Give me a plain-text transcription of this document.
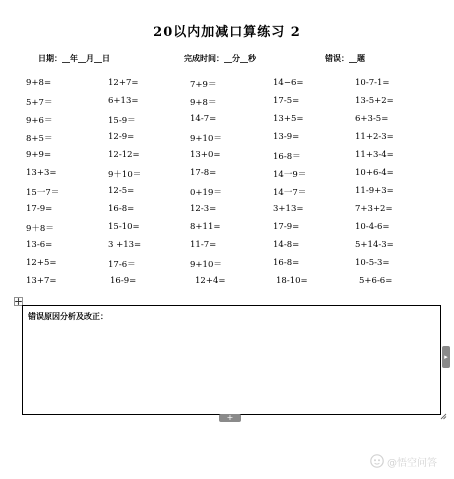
20以内加减口算练习 2
日期：__年__月__日	完成时间：__分__秒	错误：__题
9+8=	12+7=	7+9＝	14−6=	10-7-1=
5+7＝	6+13=	9+8＝	17-5=	13-5+2=
9+6＝	15-9＝	14-7=	13+5=	6+3-5=
8+5＝	12-9=	9+10＝	13-9=	11+2-3=
9+9=	12-12=	13+0=	16-8＝	11+3-4=
13+3=	9＋10＝	17-8=	14一9＝	10+6-4=
15一7＝	12-5=	0+19＝	14一7＝	11-9+3=
17-9=	16-8=	12-3=	3+13=	7+3+2=
9＋8＝	15-10=	8+11=	17-9=	10-4-6=
13-6=	3 +13=	11-7=	14-8=	5+14-3=
12+5=	17-6＝	9+10＝	16-8=	10-5-3=
13+7=	16-9=	12+4=	18-10=	5+6-6=
错误原因分析及改正：
▸
+
@悟空问答
